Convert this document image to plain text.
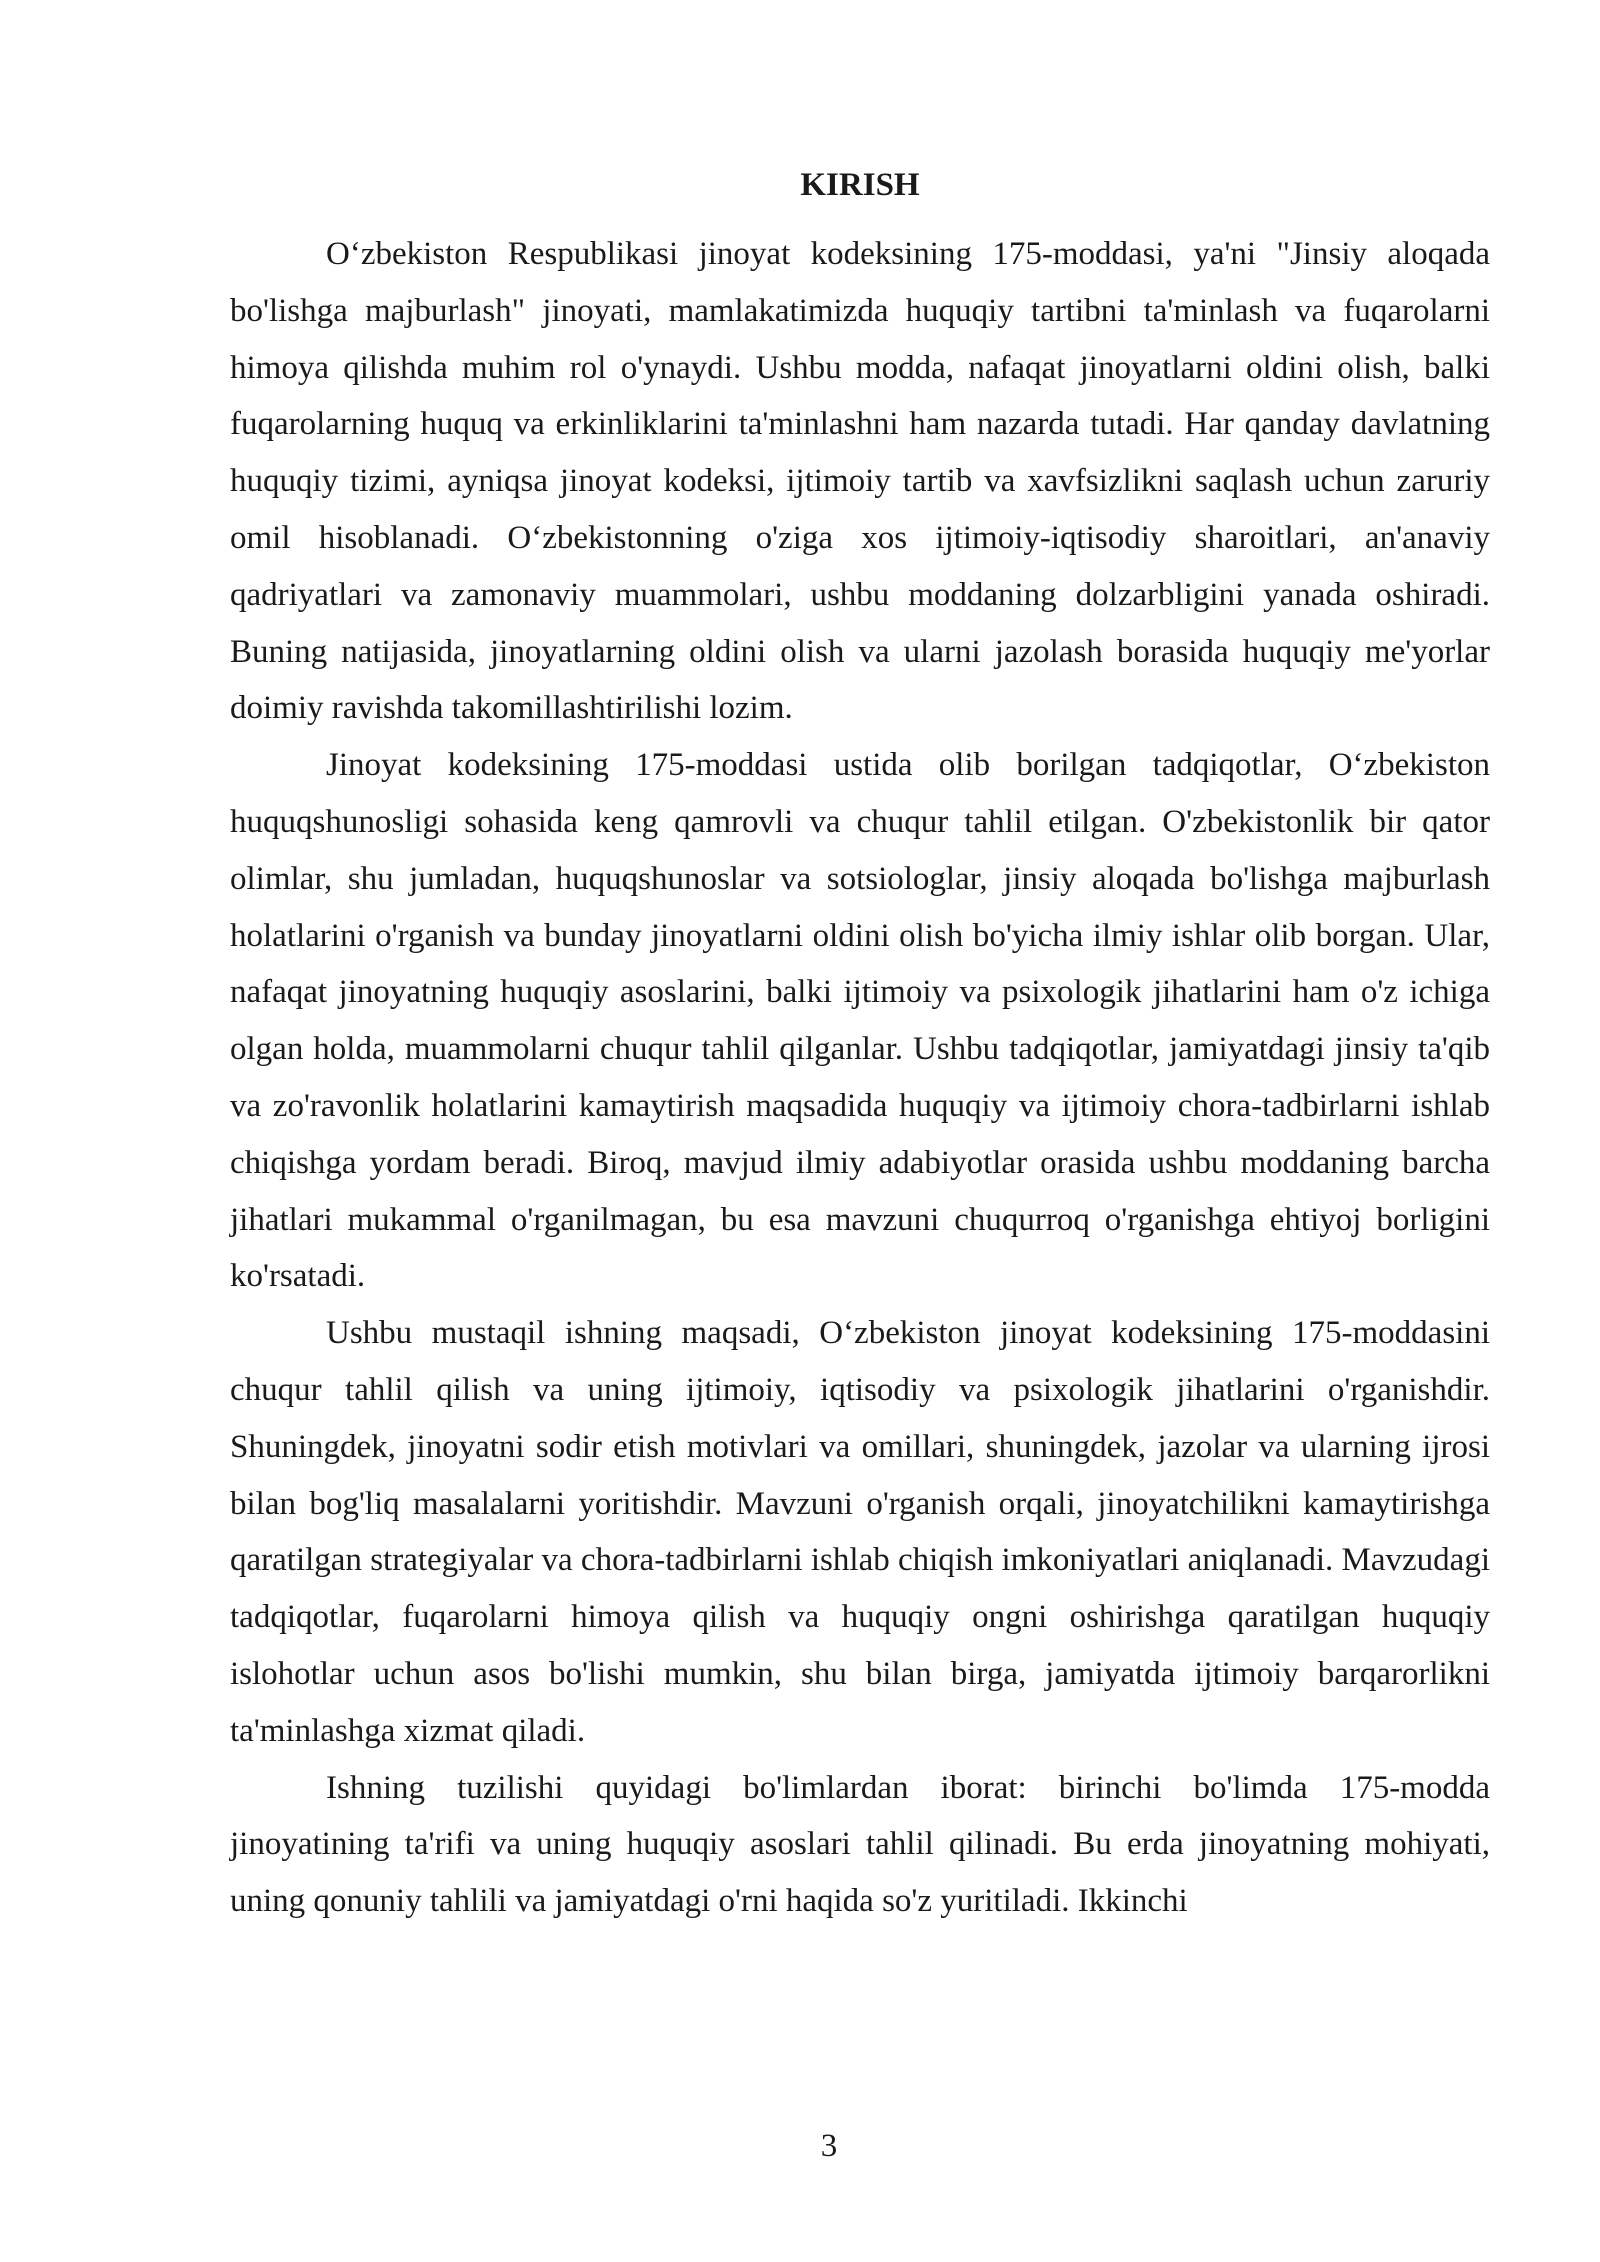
KIRISH

O‘zbekiston Respublikasi jinoyat kodeksining 175-moddasi, ya'ni "Jinsiy aloqada bo'lishga majburlash" jinoyati, mamlakatimizda huquqiy tartibni ta'minlash va fuqarolarni himoya qilishda muhim rol o'ynaydi. Ushbu modda, nafaqat jinoyatlarni oldini olish, balki fuqarolarning huquq va erkinliklarini ta'minlashni ham nazarda tutadi. Har qanday davlatning huquqiy tizimi, ayniqsa jinoyat kodeksi, ijtimoiy tartib va xavfsizlikni saqlash uchun zaruriy omil hisoblanadi. O‘zbekistonning o'ziga xos ijtimoiy-iqtisodiy sharoitlari, an'anaviy qadriyatlari va zamonaviy muammolari, ushbu moddaning dolzarbligini yanada oshiradi. Buning natijasida, jinoyatlarning oldini olish va ularni jazolash borasida huquqiy me'yorlar doimiy ravishda takomillashtirilishi lozim.

Jinoyat kodeksining 175-moddasi ustida olib borilgan tadqiqotlar, O‘zbekiston huquqshunosligi sohasida keng qamrovli va chuqur tahlil etilgan. O'zbekistonlik bir qator olimlar, shu jumladan, huquqshunoslar va sotsiologlar, jinsiy aloqada bo'lishga majburlash holatlarini o'rganish va bunday jinoyatlarni oldini olish bo'yicha ilmiy ishlar olib borgan. Ular, nafaqat jinoyatning huquqiy asoslarini, balki ijtimoiy va psixologik jihatlarini ham o'z ichiga olgan holda, muammolarni chuqur tahlil qilganlar. Ushbu tadqiqotlar, jamiyatdagi jinsiy ta'qib va zo'ravonlik holatlarini kamaytirish maqsadida huquqiy va ijtimoiy chora-tadbirlarni ishlab chiqishga yordam beradi. Biroq, mavjud ilmiy adabiyotlar orasida ushbu moddaning barcha jihatlari mukammal o'rganilmagan, bu esa mavzuni chuqurroq o'rganishga ehtiyoj borligini ko'rsatadi.

Ushbu mustaqil ishning maqsadi, O‘zbekiston jinoyat kodeksining 175-moddasini chuqur tahlil qilish va uning ijtimoiy, iqtisodiy va psixologik jihatlarini o'rganishdir. Shuningdek, jinoyatni sodir etish motivlari va omillari, shuningdek, jazolar va ularning ijrosi bilan bog'liq masalalarni yoritishdir. Mavzuni o'rganish orqali, jinoyatchilikni kamaytirishga qaratilgan strategiyalar va chora-tadbirlarni ishlab chiqish imkoniyatlari aniqlanadi. Mavzudagi tadqiqotlar, fuqarolarni himoya qilish va huquqiy ongni oshirishga qaratilgan huquqiy islohotlar uchun asos bo'lishi mumkin, shu bilan birga, jamiyatda ijtimoiy barqarorlikni ta'minlashga xizmat qiladi.

Ishning tuzilishi quyidagi bo'limlardan iborat: birinchi bo'limda 175-modda jinoyatining ta'rifi va uning huquqiy asoslari tahlil qilinadi. Bu erda jinoyatning mohiyati, uning qonuniy tahlili va jamiyatdagi o'rni haqida so'z yuritiladi. Ikkinchi

3
